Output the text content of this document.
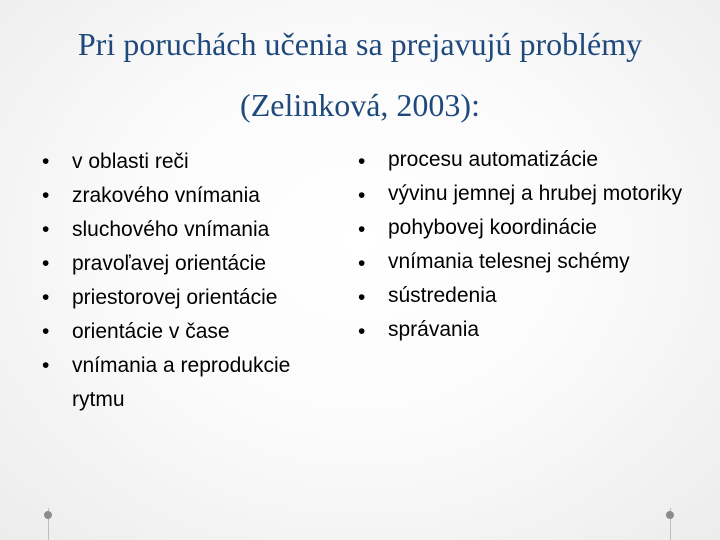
Pri poruchách učenia sa prejavujú problémy (Zelinková, 2003):
•	v oblasti reči
•	zrakového vnímania
•	sluchového vnímania
•	pravoľavej orientácie
•	priestorovej orientácie
•	orientácie v čase
•	vnímania a reprodukcie rytmu
•	procesu automatizácie
•	vývinu jemnej a hrubej motoriky
•	pohybovej koordinácie
•	vnímania telesnej schémy
•	sústredenia
•	správania
